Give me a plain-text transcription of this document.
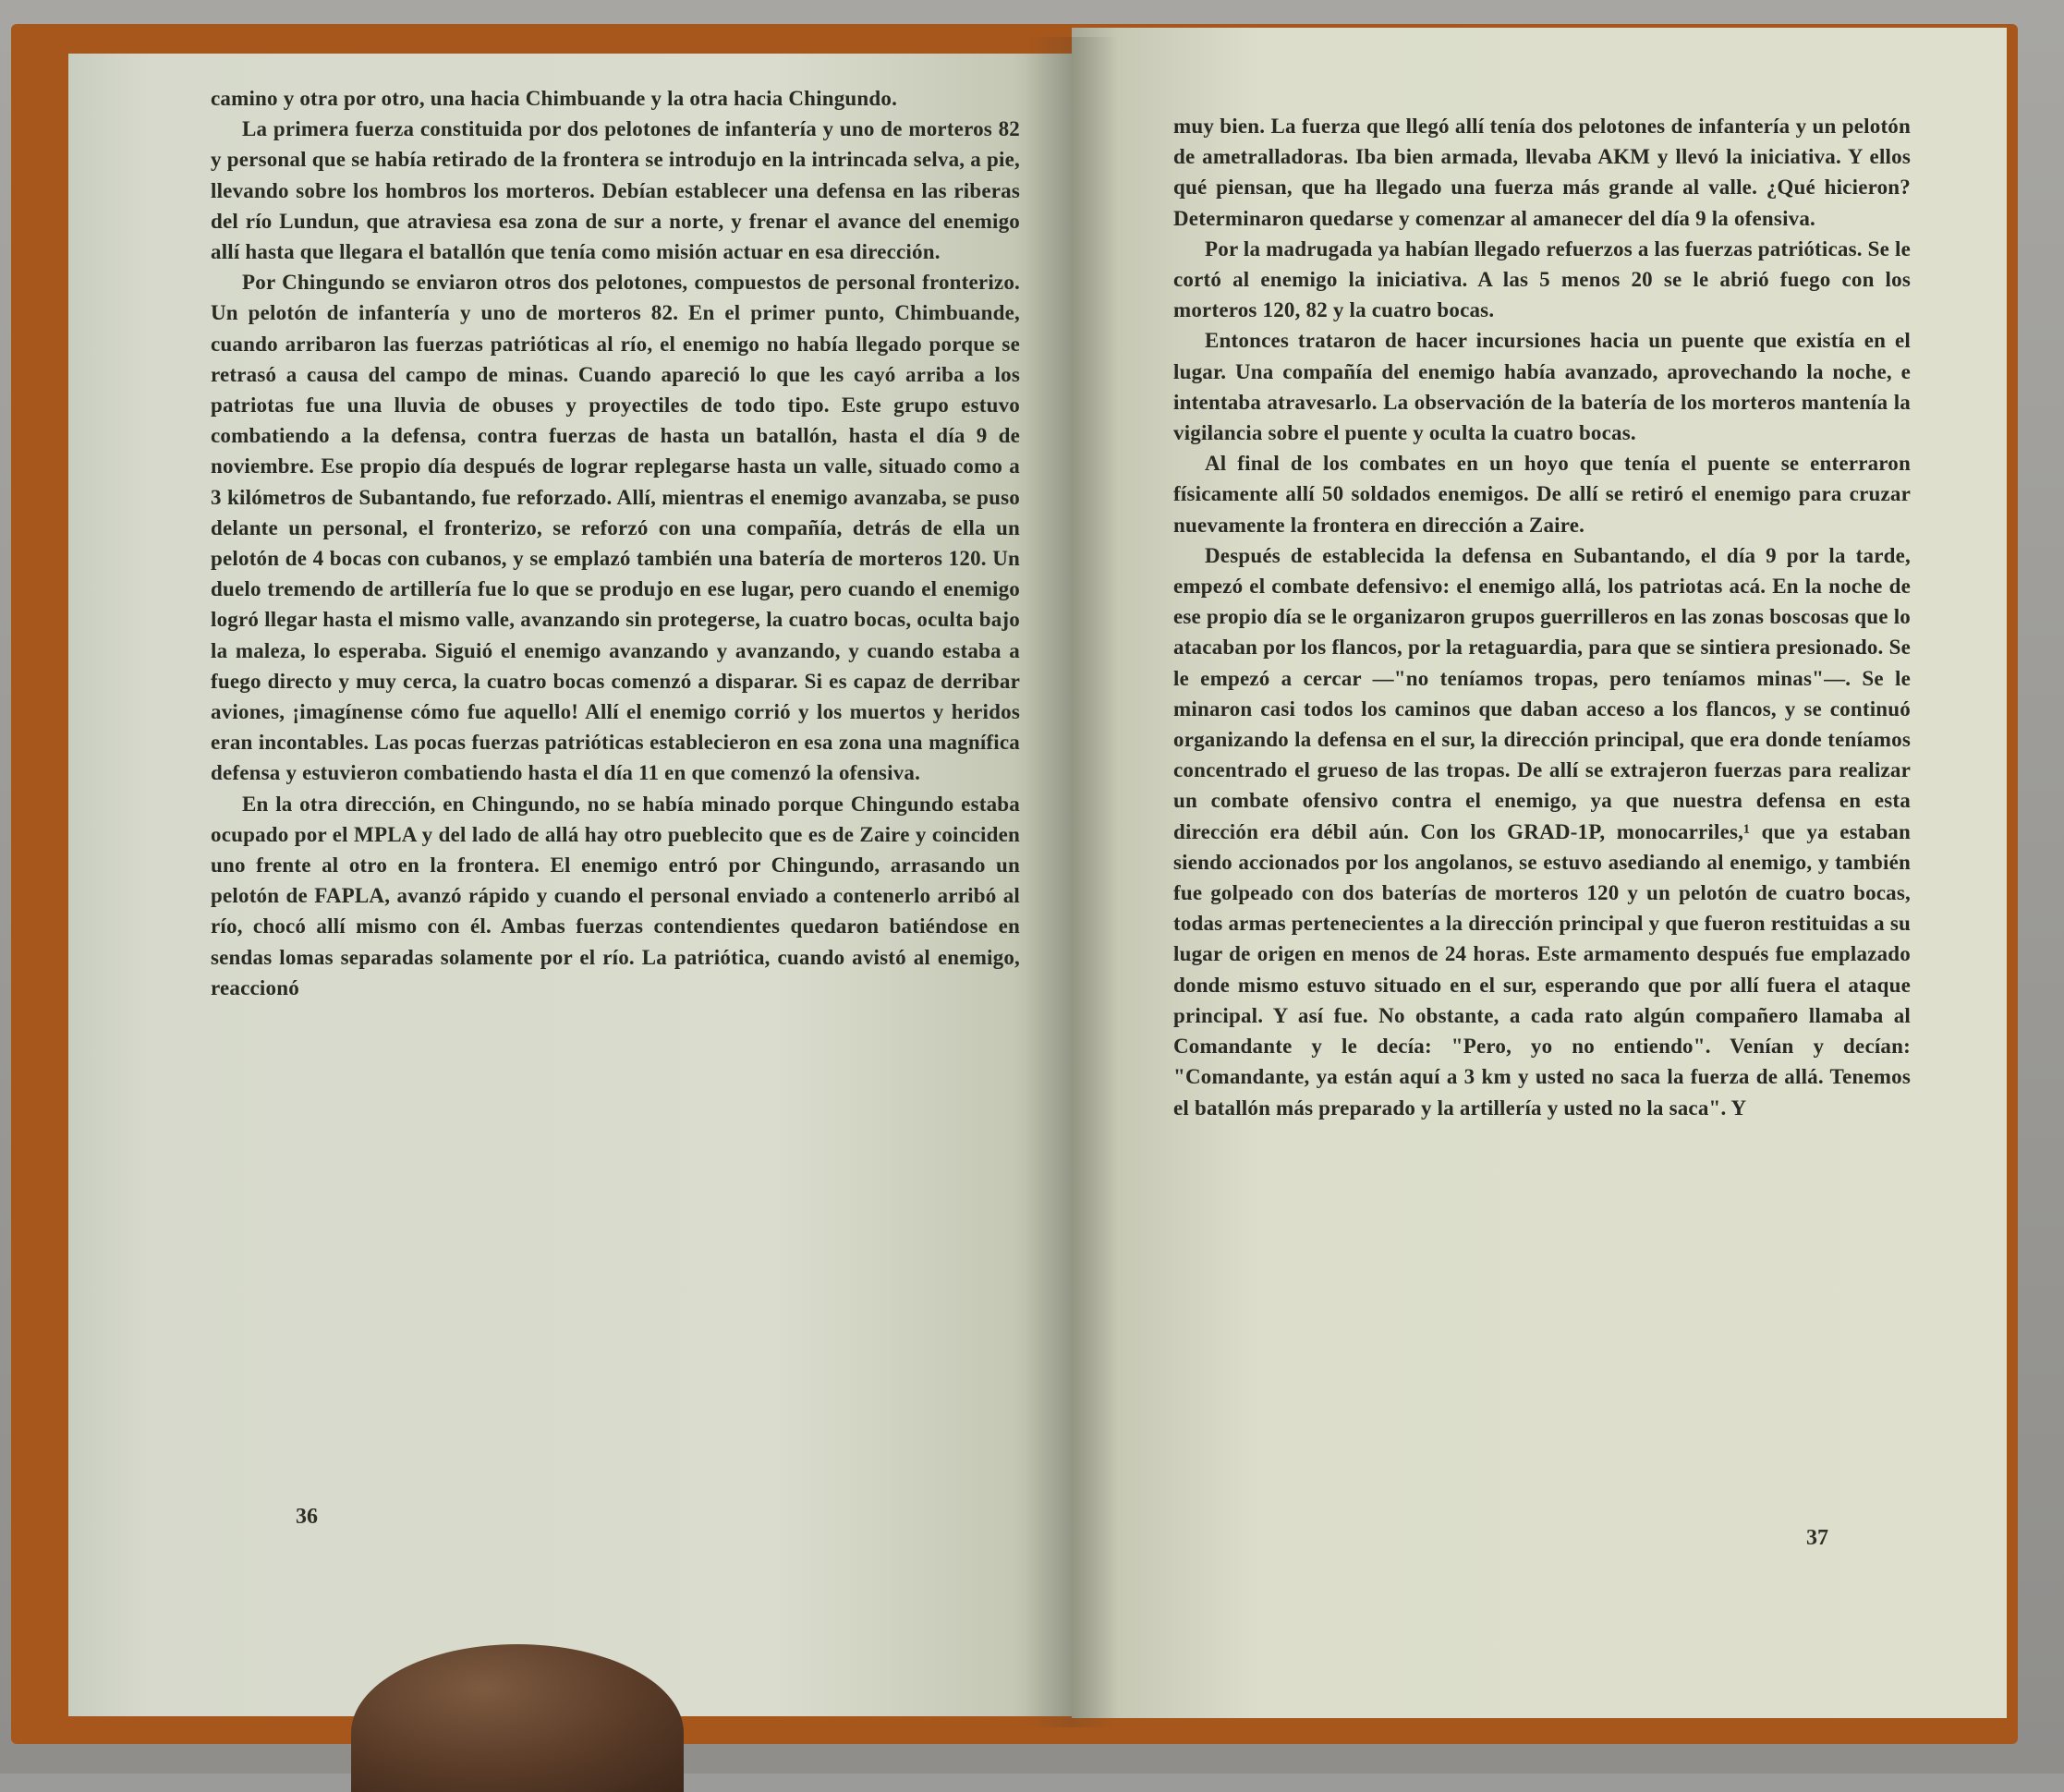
camino y otra por otro, una hacia Chimbuande y la otra hacia Chingundo.

La primera fuerza constituida por dos pelotones de infantería y uno de morteros 82 y personal que se había retirado de la frontera se introdujo en la intrincada selva, a pie, llevando sobre los hombros los morteros. Debían establecer una defensa en las riberas del río Lundun, que atraviesa esa zona de sur a norte, y frenar el avance del enemigo allí hasta que llegara el batallón que tenía como misión actuar en esa dirección.

Por Chingundo se enviaron otros dos pelotones, compuestos de personal fronterizo. Un pelotón de infantería y uno de morteros 82. En el primer punto, Chimbuande, cuando arribaron las fuerzas patrióticas al río, el enemigo no había llegado porque se retrasó a causa del campo de minas. Cuando apareció lo que les cayó arriba a los patriotas fue una lluvia de obuses y proyectiles de todo tipo. Este grupo estuvo combatiendo a la defensa, contra fuerzas de hasta un batallón, hasta el día 9 de noviembre. Ese propio día después de lograr replegarse hasta un valle, situado como a 3 kilómetros de Subantando, fue reforzado. Allí, mientras el enemigo avanzaba, se puso delante un personal, el fronterizo, se reforzó con una compañía, detrás de ella un pelotón de 4 bocas con cubanos, y se emplazó también una batería de morteros 120. Un duelo tremendo de artillería fue lo que se produjo en ese lugar, pero cuando el enemigo logró llegar hasta el mismo valle, avanzando sin protegerse, la cuatro bocas, oculta bajo la maleza, lo esperaba. Siguió el enemigo avanzando y avanzando, y cuando estaba a fuego directo y muy cerca, la cuatro bocas comenzó a disparar. Si es capaz de derribar aviones, ¡imagínense cómo fue aquello! Allí el enemigo corrió y los muertos y heridos eran incontables. Las pocas fuerzas patrióticas establecieron en esa zona una magnífica defensa y estuvieron combatiendo hasta el día 11 en que comenzó la ofensiva.

En la otra dirección, en Chingundo, no se había minado porque Chingundo estaba ocupado por el MPLA y del lado de allá hay otro pueblecito que es de Zaire y coinciden uno frente al otro en la frontera. El enemigo entró por Chingundo, arrasando un pelotón de FAPLA, avanzó rápido y cuando el personal enviado a contenerlo arribó al río, chocó allí mismo con él. Ambas fuerzas contendientes quedaron batiéndose en sendas lomas separadas solamente por el río. La patriótica, cuando avistó al enemigo, reaccionó

36

muy bien. La fuerza que llegó allí tenía dos pelotones de infantería y un pelotón de ametralladoras. Iba bien armada, llevaba AKM y llevó la iniciativa. Y ellos qué piensan, que ha llegado una fuerza más grande al valle. ¿Qué hicieron? Determinaron quedarse y comenzar al amanecer del día 9 la ofensiva.

Por la madrugada ya habían llegado refuerzos a las fuerzas patrióticas. Se le cortó al enemigo la iniciativa. A las 5 menos 20 se le abrió fuego con los morteros 120, 82 y la cuatro bocas.

Entonces trataron de hacer incursiones hacia un puente que existía en el lugar. Una compañía del enemigo había avanzado, aprovechando la noche, e intentaba atravesarlo. La observación de la batería de los morteros mantenía la vigilancia sobre el puente y oculta la cuatro bocas.

Al final de los combates en un hoyo que tenía el puente se enterraron físicamente allí 50 soldados enemigos. De allí se retiró el enemigo para cruzar nuevamente la frontera en dirección a Zaire.

Después de establecida la defensa en Subantando, el día 9 por la tarde, empezó el combate defensivo: el enemigo allá, los patriotas acá. En la noche de ese propio día se le organizaron grupos guerrilleros en las zonas boscosas que lo atacaban por los flancos, por la retaguardia, para que se sintiera presionado. Se le empezó a cercar —"no teníamos tropas, pero teníamos minas"—. Se le minaron casi todos los caminos que daban acceso a los flancos, y se continuó organizando la defensa en el sur, la dirección principal, que era donde teníamos concentrado el grueso de las tropas. De allí se extrajeron fuerzas para realizar un combate ofensivo contra el enemigo, ya que nuestra defensa en esta dirección era débil aún. Con los GRAD-1P, monocarriles,¹ que ya estaban siendo accionados por los angolanos, se estuvo asediando al enemigo, y también fue golpeado con dos baterías de morteros 120 y un pelotón de cuatro bocas, todas armas pertenecientes a la dirección principal y que fueron restituidas a su lugar de origen en menos de 24 horas. Este armamento después fue emplazado donde mismo estuvo situado en el sur, esperando que por allí fuera el ataque principal. Y así fue. No obstante, a cada rato algún compañero llamaba al Comandante y le decía: "Pero, yo no entiendo". Venían y decían: "Comandante, ya están aquí a 3 km y usted no saca la fuerza de allá. Tenemos el batallón más preparado y la artillería y usted no la saca". Y

37
